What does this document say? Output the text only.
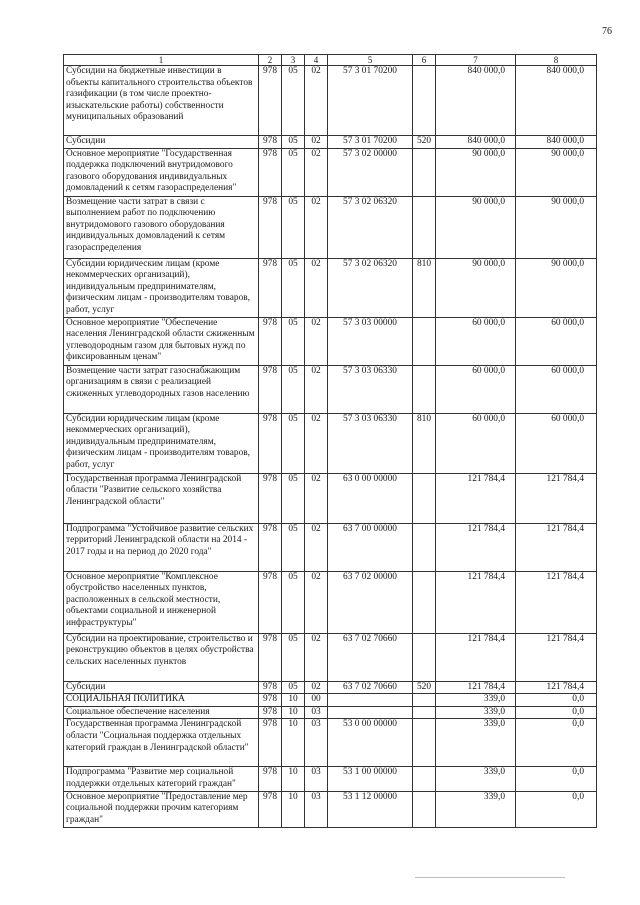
76
1	2	3	4	5	6	7	8
Субсидии на бюджетные инвестиции в объекты капитального строительства объектов газификации (в том числе проектно-изыскательские работы) собственности муниципальных образований	978	05	02	57 3 01 70200		840 000,0	840 000,0
Субсидии	978	05	02	57 3 01 70200	520	840 000,0	840 000,0
Основное мероприятие "Государственная поддержка подключений внутридомового газового оборудования индивидуальных домовладений к сетям газораспределения"	978	05	02	57 3 02 00000		90 000,0	90 000,0
Возмещение части затрат в связи с выполнением работ по подключению внутридомового газового оборудования индивидуальных домовладений к сетям газораспределения	978	05	02	57 3 02 06320		90 000,0	90 000,0
Субсидии юридическим лицам (кроме некоммерческих организаций), индивидуальным предпринимателям, физическим лицам - производителям товаров, работ, услуг	978	05	02	57 3 02 06320	810	90 000,0	90 000,0
Основное мероприятие "Обеспечение населения Ленинградской области сжиженным углеводородным газом для бытовых нужд по фиксированным ценам"	978	05	02	57 3 03 00000		60 000,0	60 000,0
Возмещение части затрат газоснабжающим организациям в связи с реализацией сжиженных углеводородных газов населению	978	05	02	57 3 03 06330		60 000,0	60 000,0
Субсидии юридическим лицам (кроме некоммерческих организаций), индивидуальным предпринимателям, физическим лицам - производителям товаров, работ, услуг	978	05	02	57 3 03 06330	810	60 000,0	60 000,0
Государственная программа Ленинградской области "Развитие сельского хозяйства Ленинградской области"	978	05	02	63 0 00 00000		121 784,4	121 784,4
Подпрограмма "Устойчивое развитие сельских территорий Ленинградской области на 2014 - 2017 годы и на период до 2020 года"	978	05	02	63 7 00 00000		121 784,4	121 784,4
Основное мероприятие "Комплексное обустройство населенных пунктов, расположенных в сельской местности, объектами социальной и инженерной инфраструктуры"	978	05	02	63 7 02 00000		121 784,4	121 784,4
Субсидии на проектирование, строительство и реконструкцию объектов в целях обустройства сельских населенных пунктов	978	05	02	63 7 02 70660		121 784,4	121 784,4
Субсидии	978	05	02	63 7 02 70660	520	121 784,4	121 784,4
СОЦИАЛЬНАЯ ПОЛИТИКА	978	10	00			339,0	0,0
Социальное обеспечение населения	978	10	03			339,0	0,0
Государственная программа Ленинградской области "Социальная поддержка отдельных категорий граждан в Ленинградской области"	978	10	03	53 0 00 00000		339,0	0,0
Подпрограмма "Развитие мер социальной поддержки отдельных категорий граждан"	978	10	03	53 1 00 00000		339,0	0,0
Основное мероприятие "Предоставление мер социальной поддержки прочим категориям граждан"	978	10	03	53 1 12 00000		339,0	0,0
